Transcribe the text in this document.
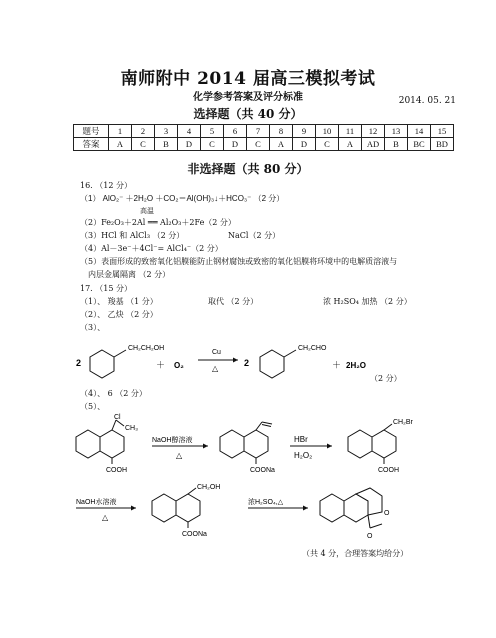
南师附中 2014 届高三模拟考试
化学参考答案及评分标准	2014. 05. 21
选择题（共 40 分）
题号	1	2	3	4	5	6	7	8	9	10	11	12	13	14	15
答案	A	C	B	D	C	D	C	A	D	C	A	AD	B	BC	BD
非选择题（共 80 分）
16. （12 分）
（1） AlO₂⁻ ＋2H₂O ＋CO₂＝Al(OH)₃↓＋HCO₃⁻ （2 分）
高温
（2）Fe₂O₃＋2Al ══ Al₂O₃＋2Fe（2 分）
（3）HCl 和 AlCl₃ （2 分）	NaCl（2 分）
（4）Al－3e⁻＋4Cl⁻= AlCl₄⁻（2 分）
（5）表面形成的致密氧化铝膜能防止钢材腐蚀或致密的氧化铝膜将环境中的电解质溶液与
内层金属隔离 （2 分）
17. （15 分）
（1）、 羧基 （1 分）	取代 （2 分）	浓 H₂SO₄ 加热 （2 分）
（2）、 乙炔 （2 分）
（3）、
2
CH₂CH₂OH
＋ O₂
Cu
△
2
CH₂CHO
＋ 2H₂O
（2 分）
（4）、 6 （2 分）
（5）、
Cl
CH₃
COOH
NaOH醇溶液
△
COONa
HBr
H₂O₂
CH₂Br
COOH
NaOH水溶液
△
CH₂OH
COONa
浓H₂SO₄,△
O
O
（共 4 分，合理答案均给分）
